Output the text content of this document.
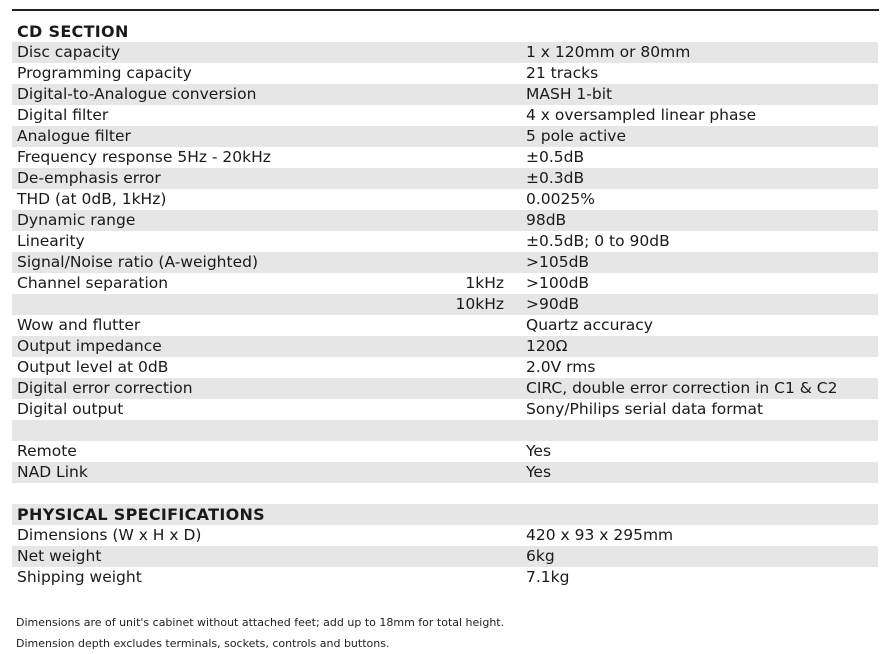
CD SECTION
Disc capacity	1 x 120mm or 80mm
Programming capacity	21 tracks
Digital-to-Analogue conversion	MASH 1-bit
Digital filter	4 x oversampled linear phase
Analogue filter	5 pole active
Frequency response 5Hz - 20kHz	±0.5dB
De-emphasis error	±0.3dB
THD (at 0dB, 1kHz)	0.0025%
Dynamic range	98dB
Linearity	±0.5dB; 0 to 90dB
Signal/Noise ratio (A-weighted)	>105dB
Channel separation	1kHz >100dB
10kHz >90dB
Wow and flutter	Quartz accuracy
Output impedance	120Ω
Output level at 0dB	2.0V rms
Digital error correction	CIRC, double error correction in C1 & C2
Digital output	Sony/Philips serial data format
Remote	Yes
NAD Link	Yes
PHYSICAL SPECIFICATIONS
Dimensions (W x H x D)	420 x 93 x 295mm
Net weight	6kg
Shipping weight	7.1kg
Dimensions are of unit's cabinet without attached feet; add up to 18mm for total height.
Dimension depth excludes terminals, sockets, controls and buttons.
